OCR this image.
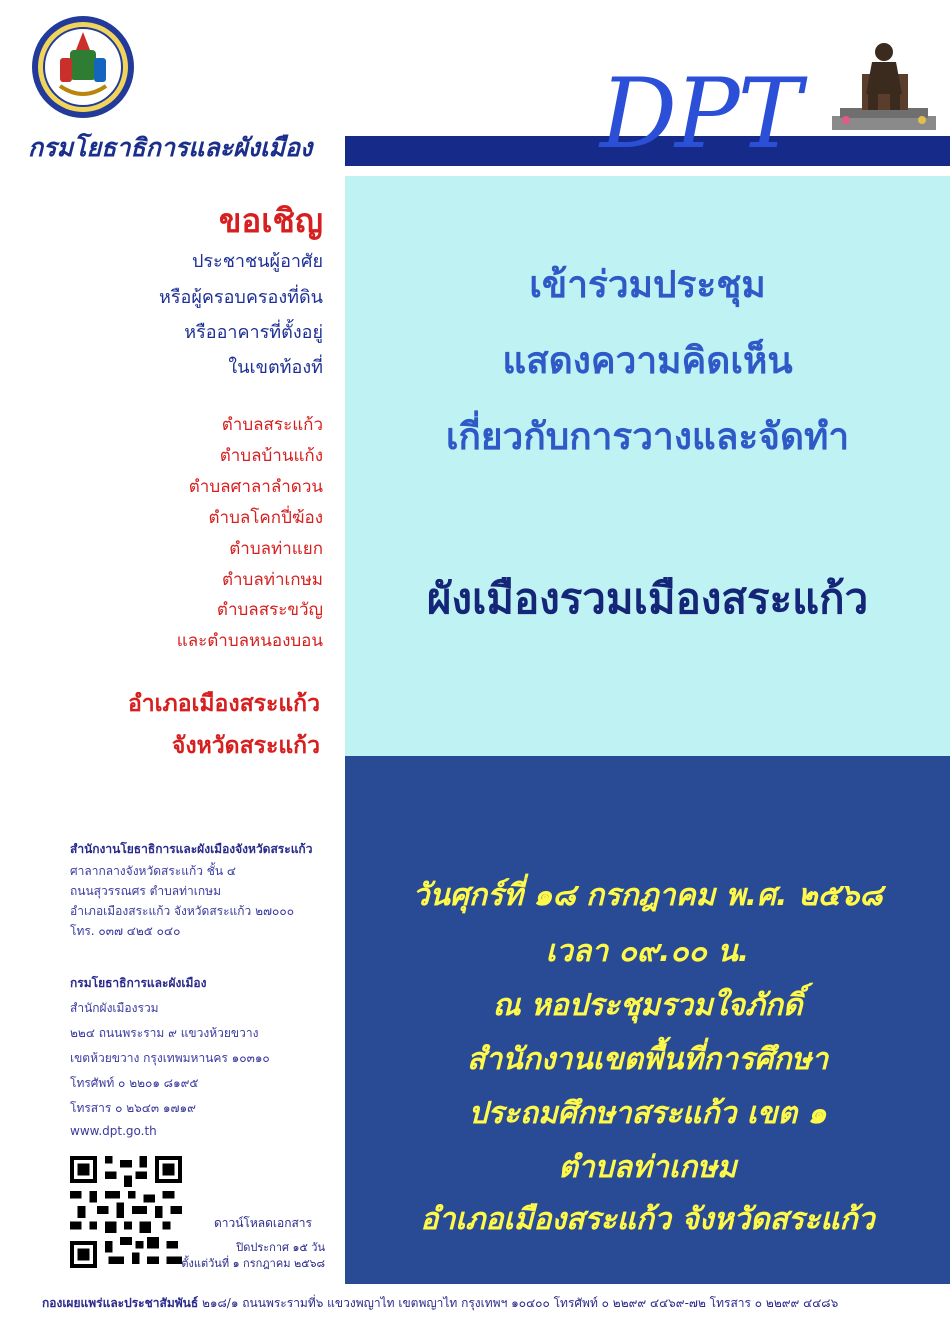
กรมโยธาธิการและผังเมือง	DPT
เข้าร่วมประชุม
แสดงความคิดเห็น
เกี่ยวกับการวางและจัดทำ
ผังเมืองรวมเมืองสระแก้ว
วันศุกร์ที่ ๑๘ กรกฎาคม พ.ศ. ๒๕๖๘
เวลา ๐๙.๐๐ น.
ณ หอประชุมรวมใจภักดิ์
สำนักงานเขตพื้นที่การศึกษา
ประถมศึกษาสระแก้ว เขต ๑
ตำบลท่าเกษม
อำเภอเมืองสระแก้ว จังหวัดสระแก้ว
ขอเชิญ
ประชาชนผู้อาศัย
หรือผู้ครอบครองที่ดิน
หรืออาคารที่ตั้งอยู่
ในเขตท้องที่
ตำบลสระแก้ว
ตำบลบ้านแก้ง
ตำบลศาลาลำดวน
ตำบลโคกปี่ฆ้อง
ตำบลท่าแยก
ตำบลท่าเกษม
ตำบลสระขวัญ
และตำบลหนองบอน
อำเภอเมืองสระแก้ว
จังหวัดสระแก้ว
สำนักงานโยธาธิการและผังเมืองจังหวัดสระแก้ว
ศาลากลางจังหวัดสระแก้ว ชั้น ๔
ถนนสุวรรณศร ตำบลท่าเกษม
อำเภอเมืองสระแก้ว จังหวัดสระแก้ว ๒๗๐๐๐
โทร. ๐๓๗ ๔๒๕ ๐๔๐
กรมโยธาธิการและผังเมือง
สำนักผังเมืองรวม
๒๒๔ ถนนพระราม ๙ แขวงห้วยขวาง
เขตห้วยขวาง กรุงเทพมหานคร ๑๐๓๑๐
โทรศัพท์ ๐ ๒๒๐๑ ๘๑๙๕
โทรสาร ๐ ๒๖๔๓ ๑๗๑๙
www.dpt.go.th
ดาวน์โหลดเอกสาร
ปิดประกาศ ๑๕ วัน
ตั้งแต่วันที่ ๑ กรกฎาคม ๒๕๖๘
กองเผยแพร่และประชาสัมพันธ์ ๒๑๘/๑ ถนนพระรามที่๖ แขวงพญาไท เขตพญาไท กรุงเทพฯ ๑๐๔๐๐ โทรศัพท์ ๐ ๒๒๙๙ ๔๔๖๙-๗๒ โทรสาร ๐ ๒๒๙๙ ๔๔๘๖
